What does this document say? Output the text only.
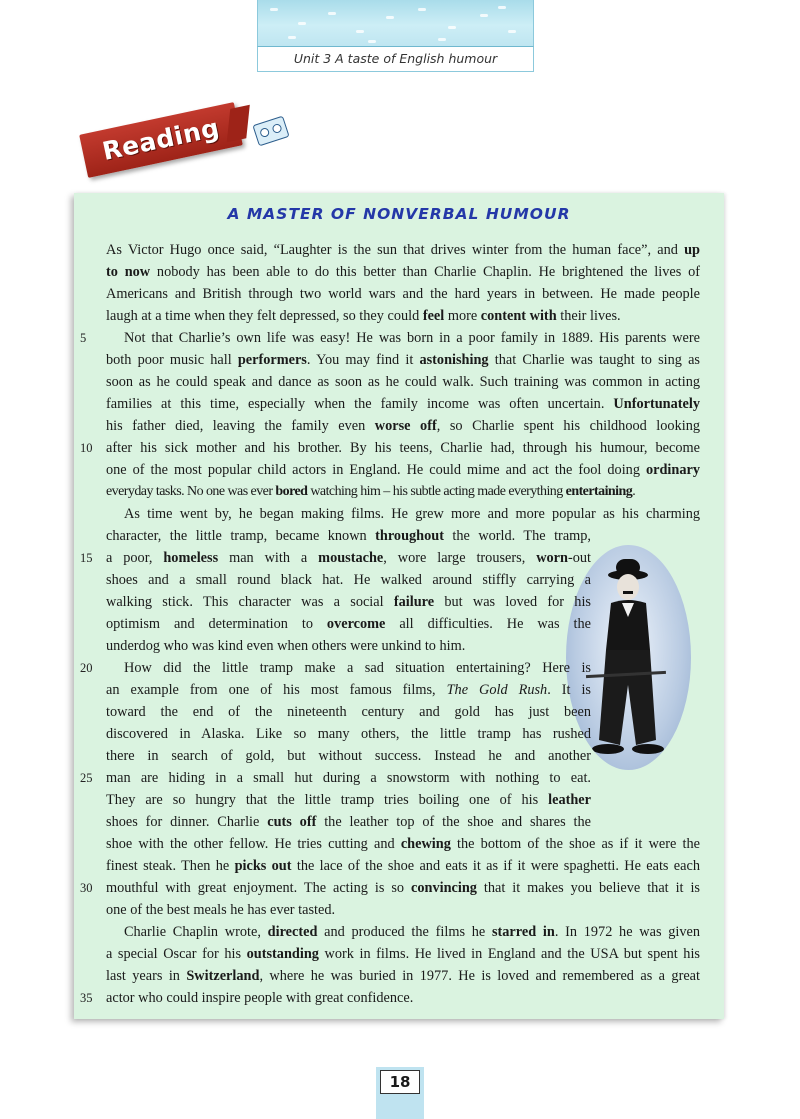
Unit 3 A taste of English humour
Reading
A MASTER OF NONVERBAL HUMOUR
As Victor Hugo once said, “Laughter is the sun that drives winter from the human face”, and up
to now nobody has been able to do this better than Charlie Chaplin. He brightened the lives of
Americans and British through two world wars and the hard years in between. He made people
laugh at a time when they felt depressed, so they could feel more content with their lives.
Not that Charlie’s own life was easy! He was born in a poor family in 1889. His parents were
both poor music hall performers. You may find it astonishing that Charlie was taught to sing as
soon as he could speak and dance as soon as he could walk. Such training was common in acting
families at this time, especially when the family income was often uncertain. Unfortunately
his father died, leaving the family even worse off, so Charlie spent his childhood looking
after his sick mother and his brother. By his teens, Charlie had, through his humour, become
one of the most popular child actors in England. He could mime and act the fool doing ordinary
everyday tasks. No one was ever bored watching him – his subtle acting made everything entertaining.
As time went by, he began making films. He grew more and more popular as his charming
character, the little tramp, became known throughout the world. The tramp,
a poor, homeless man with a moustache, wore large trousers, worn-out
shoes and a small round black hat. He walked around stiffly carrying a
walking stick. This character was a social failure but was loved for his
optimism and determination to overcome all difficulties. He was the
underdog who was kind even when others were unkind to him.
How did the little tramp make a sad situation entertaining? Here is
an example from one of his most famous films, The Gold Rush. It is
toward the end of the nineteenth century and gold has just been
discovered in Alaska. Like so many others, the little tramp has rushed
there in search of gold, but without success. Instead he and another
man are hiding in a small hut during a snowstorm with nothing to eat.
They are so hungry that the little tramp tries boiling one of his leather
shoes for dinner. Charlie cuts off the leather top of the shoe and shares the
shoe with the other fellow. He tries cutting and chewing the bottom of the shoe as if it were the
finest steak. Then he picks out the lace of the shoe and eats it as if it were spaghetti. He eats each
mouthful with great enjoyment. The acting is so convincing that it makes you believe that it is
one of the best meals he has ever tasted.
Charlie Chaplin wrote, directed and produced the films he starred in. In 1972 he was given
a special Oscar for his outstanding work in films. He lived in England and the USA but spent his
last years in Switzerland, where he was buried in 1977. He is loved and remembered as a great
actor who could inspire people with great confidence.
5
10
15
20
25
30
35
18
